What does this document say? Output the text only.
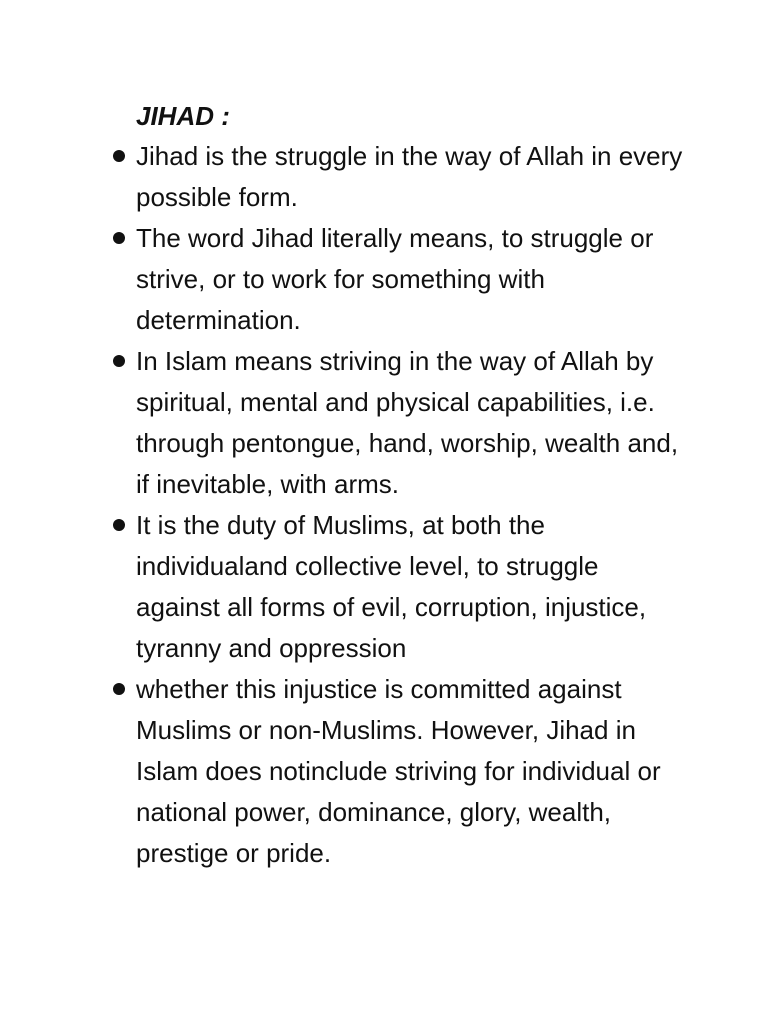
JIHAD :
Jihad is the struggle in the way of Allah in every possible form.
The word Jihad literally means, to struggle or strive, or to work for something with determination.
In Islam means striving in the way of Allah by spiritual, mental and physical capabilities, i.e. through pentongue, hand, worship, wealth and, if inevitable, with arms.
It is the duty of Muslims, at both the individualand collective level, to struggle against all forms of evil, corruption, injustice, tyranny and oppression
whether this injustice is committed against Muslims or non-Muslims. However, Jihad in Islam does notinclude striving for individual or national power, dominance, glory, wealth, prestige or pride.
